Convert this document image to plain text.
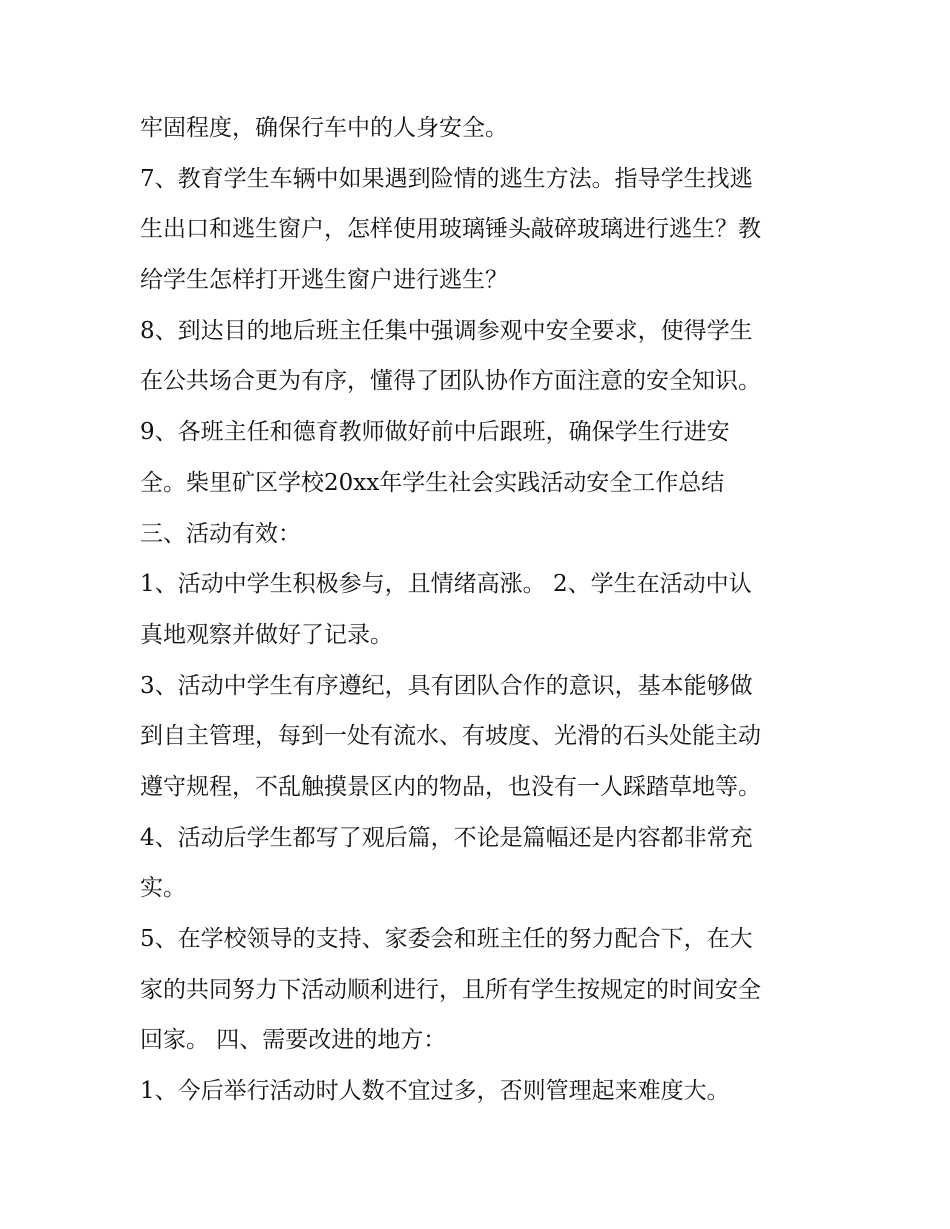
牢固程度，确保行车中的人身安全。
7、教育学生车辆中如果遇到险情的逃生方法。指导学生找逃
生出口和逃生窗户，怎样使用玻璃锤头敲碎玻璃进行逃生？教
给学生怎样打开逃生窗户进行逃生？
8、到达目的地后班主任集中强调参观中安全要求，使得学生
在公共场合更为有序，懂得了团队协作方面注意的安全知识。
9、各班主任和德育教师做好前中后跟班，确保学生行进安
全。柴里矿区学校20xx年学生社会实践活动安全工作总结
三、活动有效：
1、活动中学生积极参与，且情绪高涨。 2、学生在活动中认
真地观察并做好了记录。
3、活动中学生有序遵纪，具有团队合作的意识，基本能够做
到自主管理，每到一处有流水、有坡度、光滑的石头处能主动
遵守规程，不乱触摸景区内的物品，也没有一人踩踏草地等。
4、活动后学生都写了观后篇，不论是篇幅还是内容都非常充
实。
5、在学校领导的支持、家委会和班主任的努力配合下，在大
家的共同努力下活动顺利进行，且所有学生按规定的时间安全
回家。 四、需要改进的地方：
1、今后举行活动时人数不宜过多，否则管理起来难度大。
